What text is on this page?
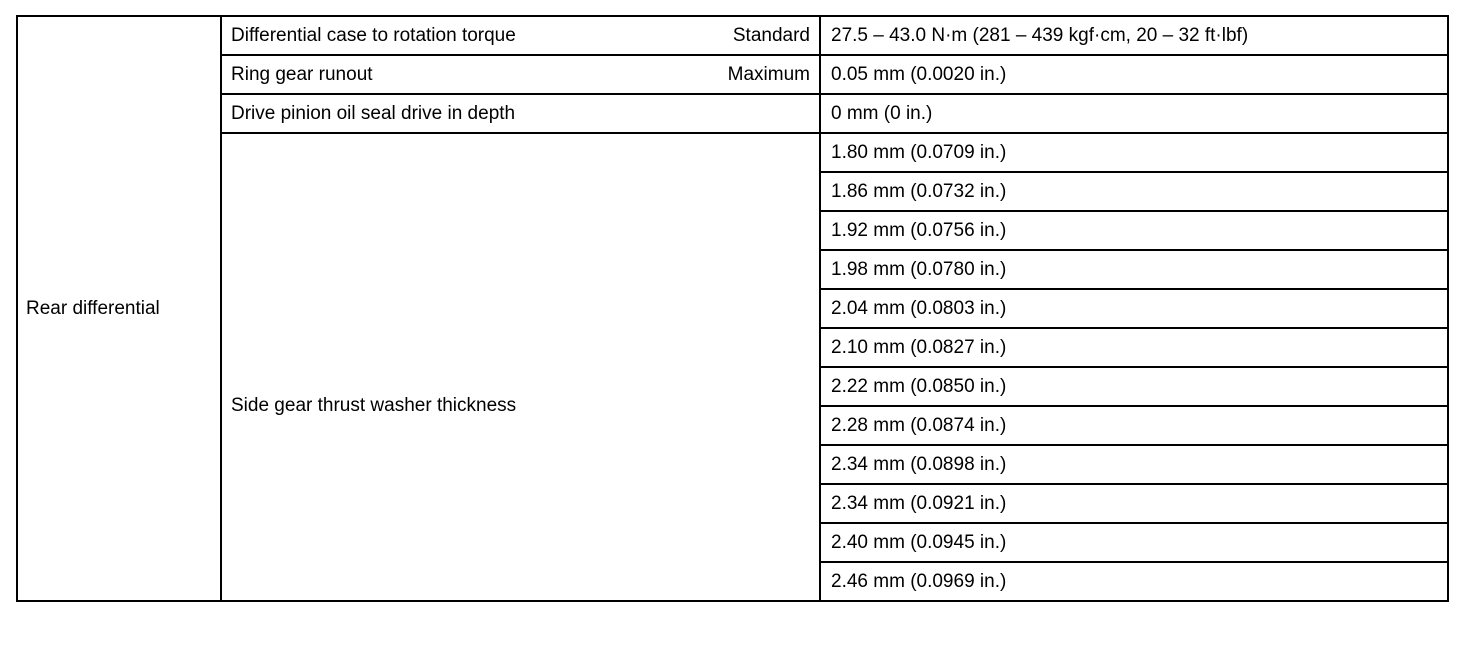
Rear differential	Differential case to rotation torque Standard	27.5 – 43.0 N·m (281 – 439 kgf·cm, 20 – 32 ft·lbf)

	Ring gear runout Maximum	0.05 mm (0.0020 in.)

	Drive pinion oil seal drive in depth	0 mm (0 in.)
	Side gear thrust washer thickness	1.80 mm (0.0709 in.)
		1.86 mm (0.0732 in.)
		1.92 mm (0.0756 in.)
		1.98 mm (0.0780 in.)
		2.04 mm (0.0803 in.)
		2.10 mm (0.0827 in.)
		2.22 mm (0.0850 in.)
		2.28 mm (0.0874 in.)
		2.34 mm (0.0898 in.)
		2.34 mm (0.0921 in.)
		2.40 mm (0.0945 in.)
		2.46 mm (0.0969 in.)
